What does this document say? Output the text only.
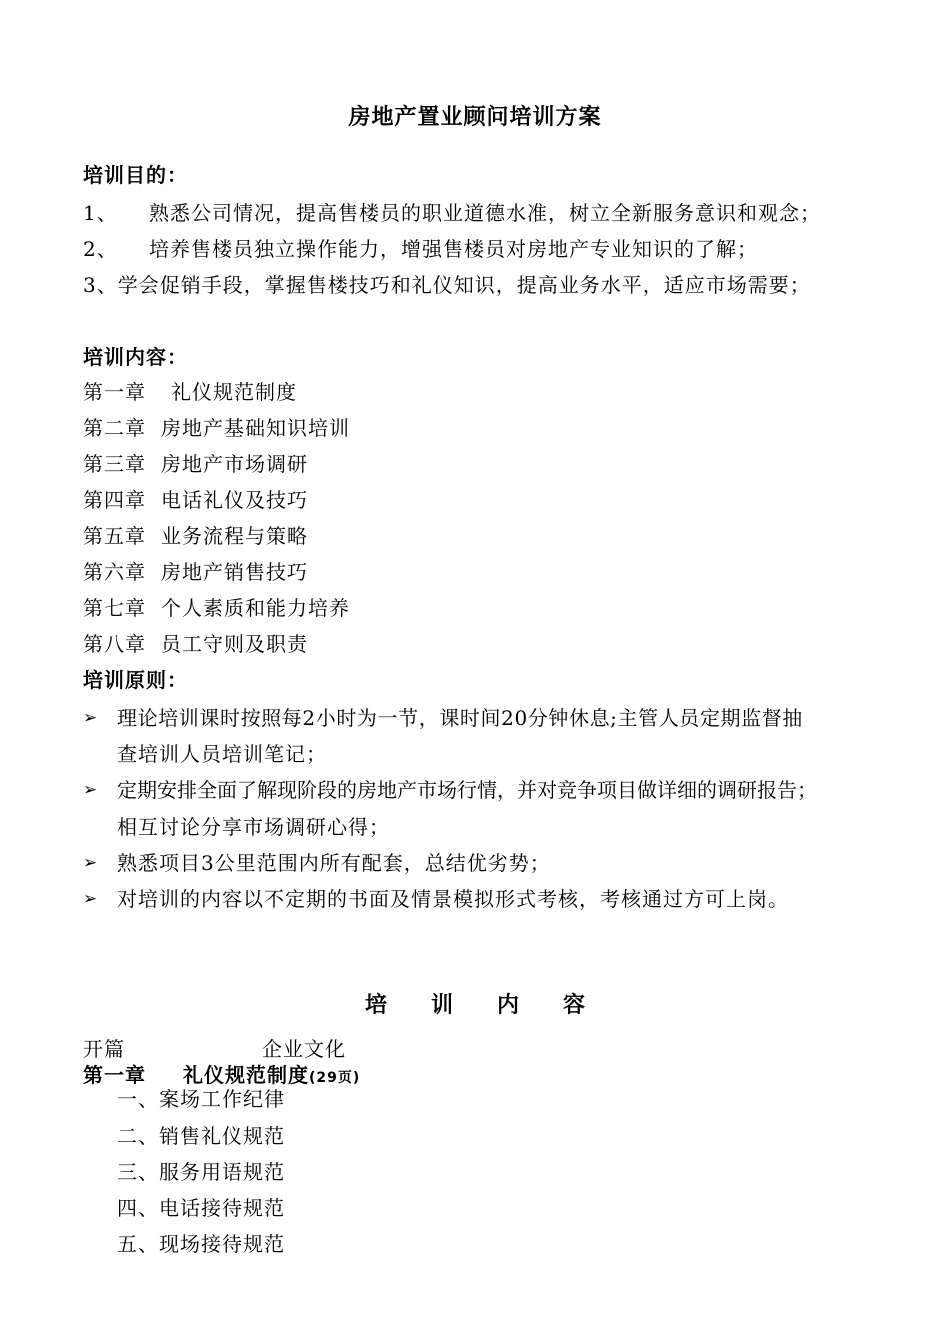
房地产置业顾问培训方案
培训目的：
1、 熟悉公司情况，提高售楼员的职业道德水准，树立全新服务意识和观念；
2、 培养售楼员独立操作能力，增强售楼员对房地产专业知识的了解；
3、学会促销手段，掌握售楼技巧和礼仪知识，提高业务水平，适应市场需要；
培训内容：
第一章 礼仪规范制度
第二章 房地产基础知识培训
第三章 房地产市场调研
第四章 电话礼仪及技巧
第五章 业务流程与策略
第六章 房地产销售技巧
第七章 个人素质和能力培养
第八章 员工守则及职责
培训原则：
➢ 理论培训课时按照每2小时为一节，课时间20分钟休息;主管人员定期监督抽
查培训人员培训笔记；
➢ 定期安排全面了解现阶段的房地产市场行情，并对竞争项目做详细的调研报告；
相互讨论分享市场调研心得；
➢ 熟悉项目3公里范围内所有配套，总结优劣势；
➢ 对培训的内容以不定期的书面及情景模拟形式考核，考核通过方可上岗。
培 训 内 容
开篇	企业文化
第一章 礼仪规范制度(29页)
一、案场工作纪律
二、销售礼仪规范
三、服务用语规范
四、电话接待规范
五、现场接待规范
